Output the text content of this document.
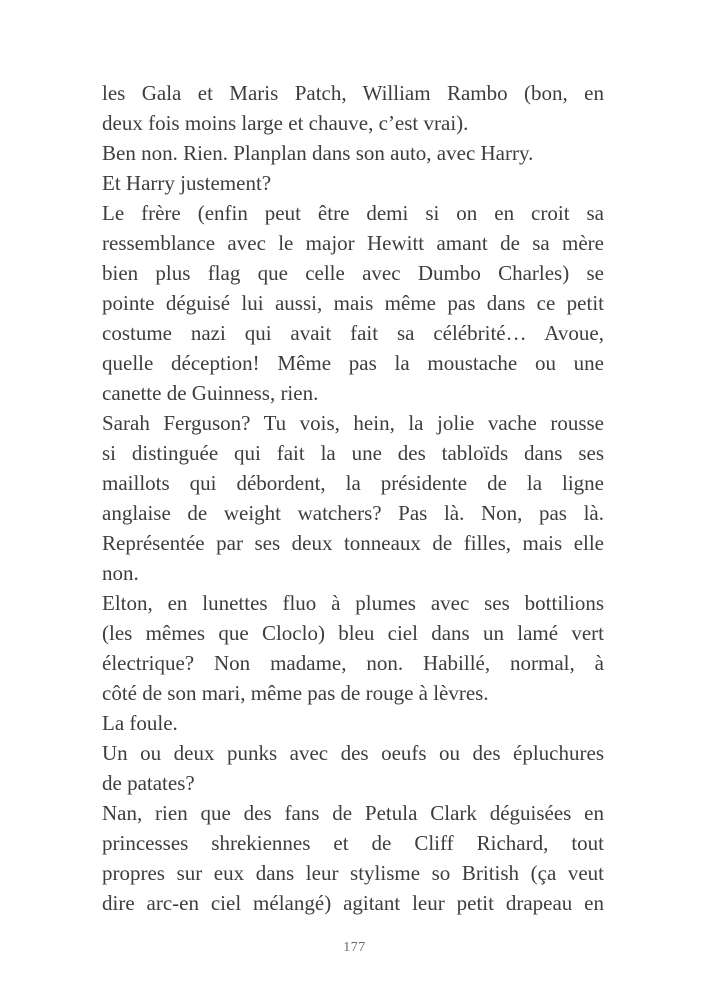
les Gala et Maris Patch, William Rambo (bon, en
deux fois moins large et chauve, c’est vrai).
Ben non. Rien. Planplan dans son auto, avec Harry.
Et Harry justement?
Le frère (enfin peut être demi si on en croit sa
ressemblance avec le major Hewitt amant de sa mère
bien plus flag que celle avec Dumbo Charles) se
pointe déguisé lui aussi, mais même pas dans ce petit
costume nazi qui avait fait sa célébrité… Avoue,
quelle déception! Même pas la moustache ou une
canette de Guinness, rien.
Sarah Ferguson? Tu vois, hein, la jolie vache rousse
si distinguée qui fait la une des tabloïds dans ses
maillots qui débordent, la présidente de la ligne
anglaise de weight watchers? Pas là. Non, pas là.
Représentée par ses deux tonneaux de filles, mais elle
non.
Elton, en lunettes fluo à plumes avec ses bottilions
(les mêmes que Cloclo) bleu ciel dans un lamé vert
électrique? Non madame, non. Habillé, normal, à
côté de son mari, même pas de rouge à lèvres.
La foule.
Un ou deux punks avec des oeufs ou des épluchures
de patates?
Nan, rien que des fans de Petula Clark déguisées en
princesses shrekiennes et de Cliff Richard, tout
propres sur eux dans leur stylisme so British (ça veut
dire arc-en ciel mélangé) agitant leur petit drapeau en
177
